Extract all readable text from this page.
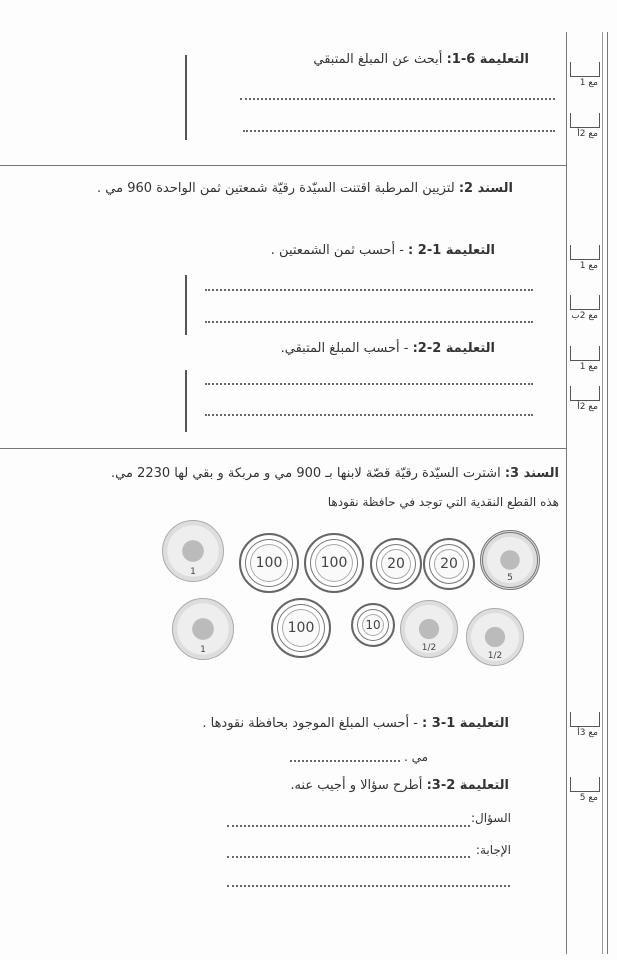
مع 1
مع 2أ
مع 1
مع 2ب
مع 1
مع 2أ
مع 3أ
مع 5
التعليمة 6-1: أبحث عن المبلغ المتبقي
السند 2: لتزيين المرطبة اقتنت السيّدة رقيّة شمعتين ثمن الواحدة 960 مي .
التعليمة 1-2 : - أحسب ثمن الشمعتين .
التعليمة 2-2: - أحسب المبلغ المتبقي.
السند 3: اشترت السيّدة رقيّة قصّة لابنها بـ 900 مي و مربكة و بقي لها 2230 مي.
هذه القطع النقدية التي توجد في حافظة نقودها
1
100	100	20	20
5
1
100	10
1/2
1/2
التعليمة 1-3 : - أحسب المبلغ الموجود بحافظة نقودها .
مي .
التعليمة 2-3: أطرح سؤالا و أجيب عنه.
السؤال:
الإجابة:
